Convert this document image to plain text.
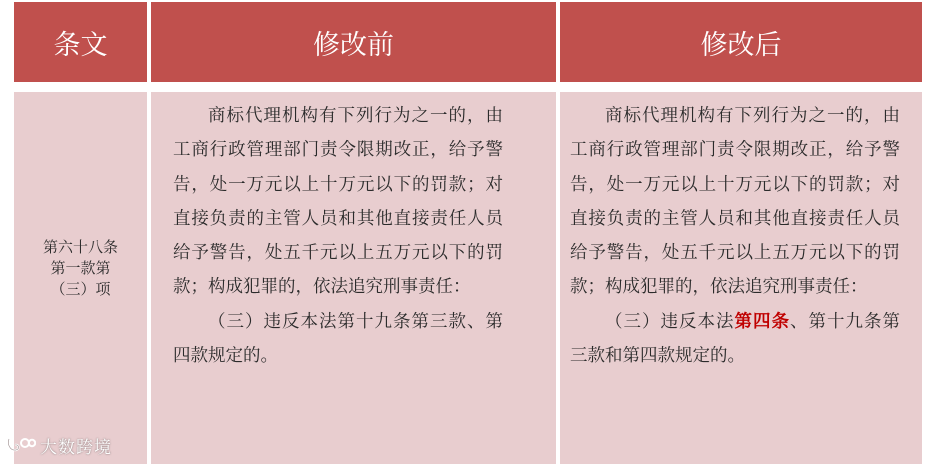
条文	修改前	修改后
第六十八条
第一款第
（三）项

商标代理机构有下列行为之一的，由工商行政管理部门责令限期改正，给予警告，处一万元以上十万元以下的罚款；对直接负责的主管人员和其他直接责任人员给予警告，处五千元以上五万元以下的罚款；构成犯罪的，依法追究刑事责任：

（三）违反本法第十九条第三款、第四款规定的。

商标代理机构有下列行为之一的，由工商行政管理部门责令限期改正，给予警告，处一万元以上十万元以下的罚款；对直接负责的主管人员和其他直接责任人员给予警告，处五千元以上五万元以下的罚款；构成犯罪的，依法追究刑事责任：

（三）违反本法第四条、第十九条第三款和第四款规定的。

大数跨境
